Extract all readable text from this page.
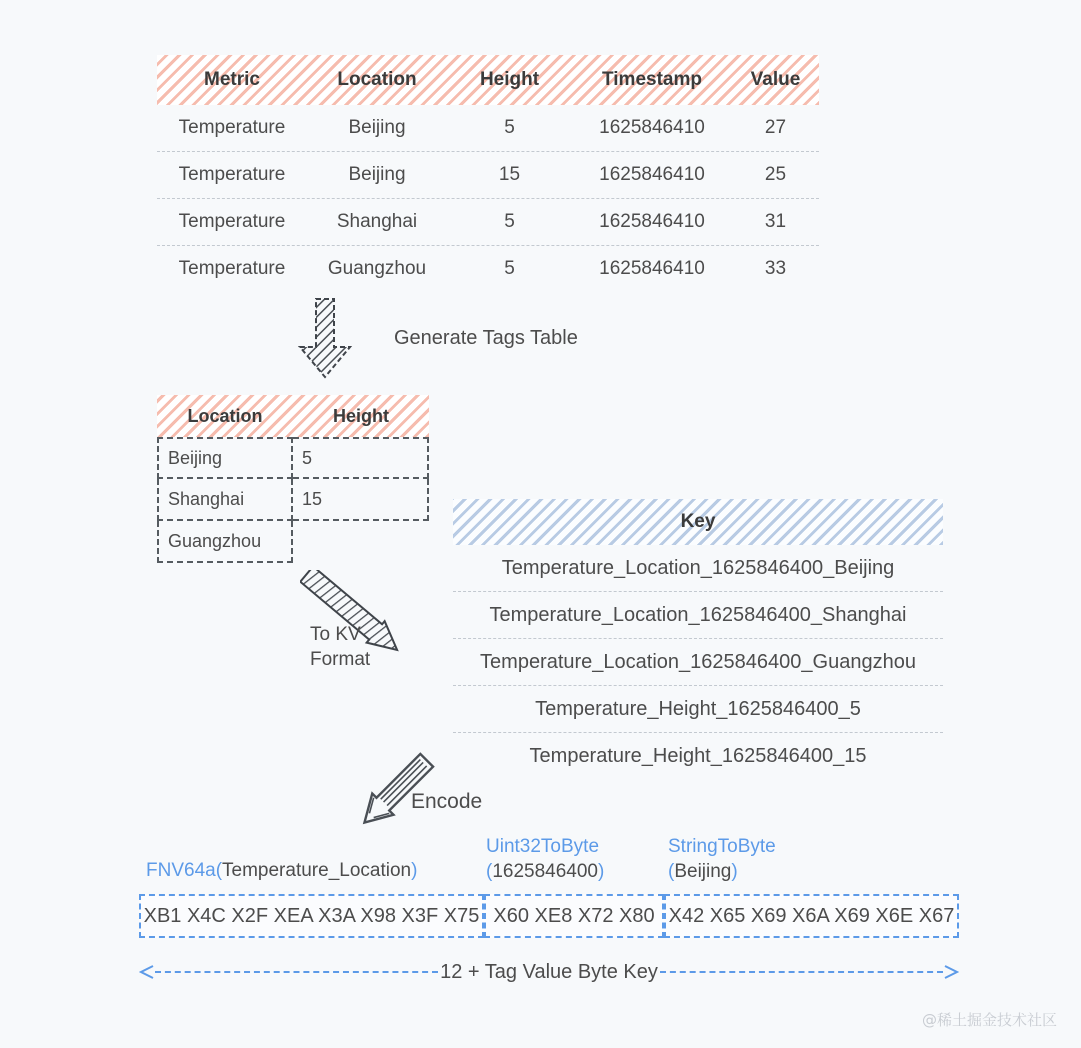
Metric	Location	Height	Timestamp	Value
Temperature	Beijing	5	1625846410	27
Temperature	Beijing	15	1625846410	25
Temperature	Shanghai	5	1625846410	31
Temperature	Guangzhou	5	1625846410	33
Generate Tags Table
Location	Height
Beijing	5
Shanghai	15
Guangzhou
To KV
Format
Key
Temperature_Location_1625846400_Beijing
Temperature_Location_1625846400_Shanghai
Temperature_Location_1625846400_Guangzhou
Temperature_Height_1625846400_5
Temperature_Height_1625846400_15
Encode
FNV64a(Temperature_Location)
Uint32ToByte
(1625846400)
StringToByte
(Beijing)
XB1 X4C X2F XEA X3A X98 X3F X75 X60 XE8 X72 X80 X42 X65 X69 X6A X69 X6E X67
12 + Tag Value Byte Key
@稀土掘金技术社区
